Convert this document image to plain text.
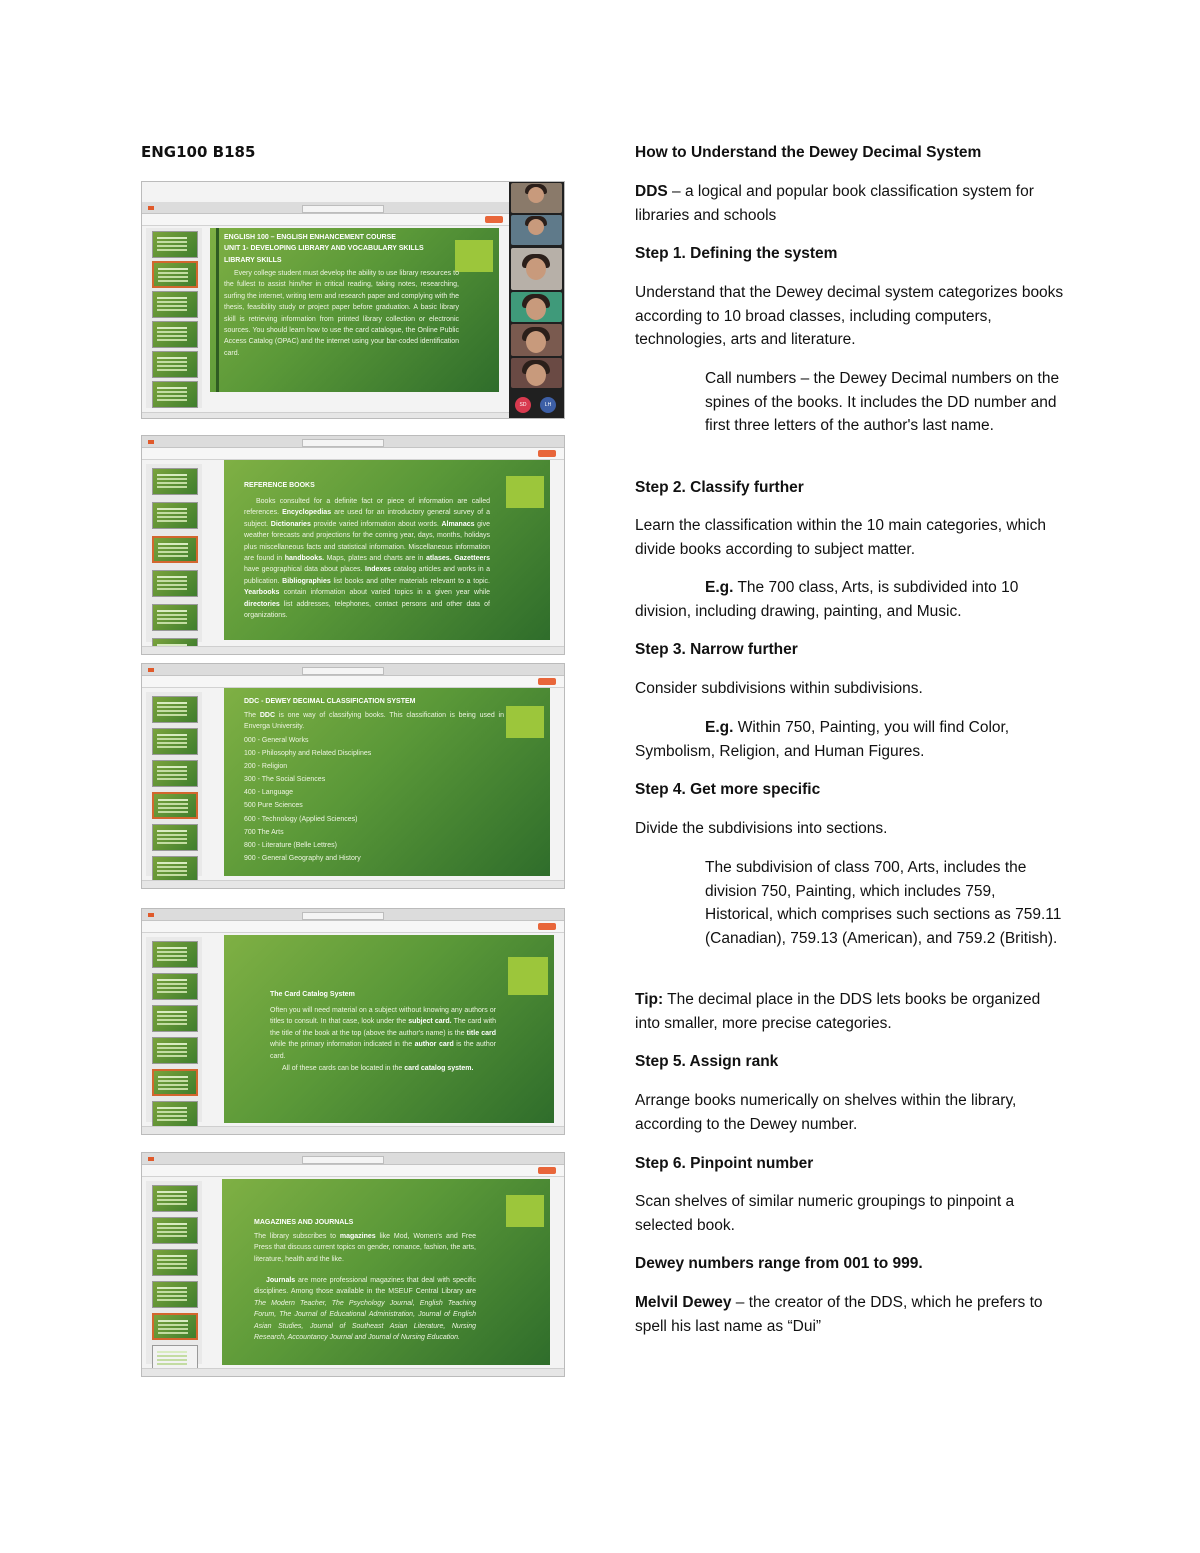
ENG100 B185
ENGLISH 100 – ENGLISH ENHANCEMENT COURSE
UNIT 1- DEVELOPING LIBRARY AND VOCABULARY SKILLS
LIBRARY SKILLS
Every college student must develop the ability to use library resources to the fullest to assist him/her in critical reading, taking notes, researching, surfing the internet, writing term and research paper and complying with the thesis, feasibility study or project paper before graduation. A basic library skill is retrieving information from printed library collection or electronic sources. You should learn how to use the card catalogue, the Online Public Access Catalog (OPAC) and the internet using your bar-coded identification card.
SD	LH
REFERENCE BOOKS
Books consulted for a definite fact or piece of information are called references. Encyclopedias are used for an introductory general survey of a subject. Dictionaries provide varied information about words. Almanacs give weather forecasts and projections for the coming year, days, months, holidays plus miscellaneous facts and statistical information. Miscellaneous information are found in handbooks. Maps, plates and charts are in atlases. Gazetteers have geographical data about places. Indexes catalog articles and works in a publication. Bibliographies list books and other materials relevant to a topic. Yearbooks contain information about varied topics in a given year while directories list addresses, telephones, contact persons and other data of organizations.
DDC - DEWEY DECIMAL CLASSIFICATION SYSTEM
The DDC is one way of classifying books. This classification is being used in Enverga University.
000 - General Works
100 - Philosophy and Related Disciplines
200 - Religion
300 - The Social Sciences
400 - Language
500 Pure Sciences
600 - Technology (Applied Sciences)
700 The Arts
800 - Literature (Belle Lettres)
900 - General Geography and History
The Card Catalog System
Often you will need material on a subject without knowing any authors or titles to consult. In that case, look under the subject card. The card with the title of the book at the top (above the author's name) is the title card while the primary information indicated in the author card is the author card.
All of these cards can be located in the card catalog system.
MAGAZINES AND JOURNALS
The library subscribes to magazines like Mod, Women's and Free Press that discuss current topics on gender, romance, fashion, the arts, literature, health and the like.
Journals are more professional magazines that deal with specific disciplines. Among those available in the MSEUF Central Library are The Modern Teacher, The Psychology Journal, English Teaching Forum, The Journal of Educational Administration, Journal of English Asian Studies, Journal of Southeast Asian Literature, Nursing Research, Accountancy Journal and Journal of Nursing Education.
How to Understand the Dewey Decimal System
DDS – a logical and popular book classification system for libraries and schools
Step 1. Defining the system
Understand that the Dewey decimal system categorizes books according to 10 broad classes, including computers, technologies, arts and literature.
Call numbers – the Dewey Decimal numbers on the spines of the books. It includes the DD number and first three letters of the author's last name.
Step 2. Classify further
Learn the classification within the 10 main categories, which divide books according to subject matter.
E.g. The 700 class, Arts, is subdivided into 10
division, including drawing, painting, and Music.
Step 3. Narrow further
Consider subdivisions within subdivisions.
E.g. Within 750, Painting, you will find Color,
Symbolism, Religion, and Human Figures.
Step 4. Get more specific
Divide the subdivisions into sections.
The subdivision of class 700, Arts, includes the division 750, Painting, which includes 759, Historical, which comprises such sections as 759.11 (Canadian), 759.13 (American), and 759.2 (British).
Tip: The decimal place in the DDS lets books be organized into smaller, more precise categories.
Step 5. Assign rank
Arrange books numerically on shelves within the library, according to the Dewey number.
Step 6. Pinpoint number
Scan shelves of similar numeric groupings to pinpoint a selected book.
Dewey numbers range from 001 to 999.
Melvil Dewey – the creator of the DDS, which he prefers to spell his last name as “Dui”
